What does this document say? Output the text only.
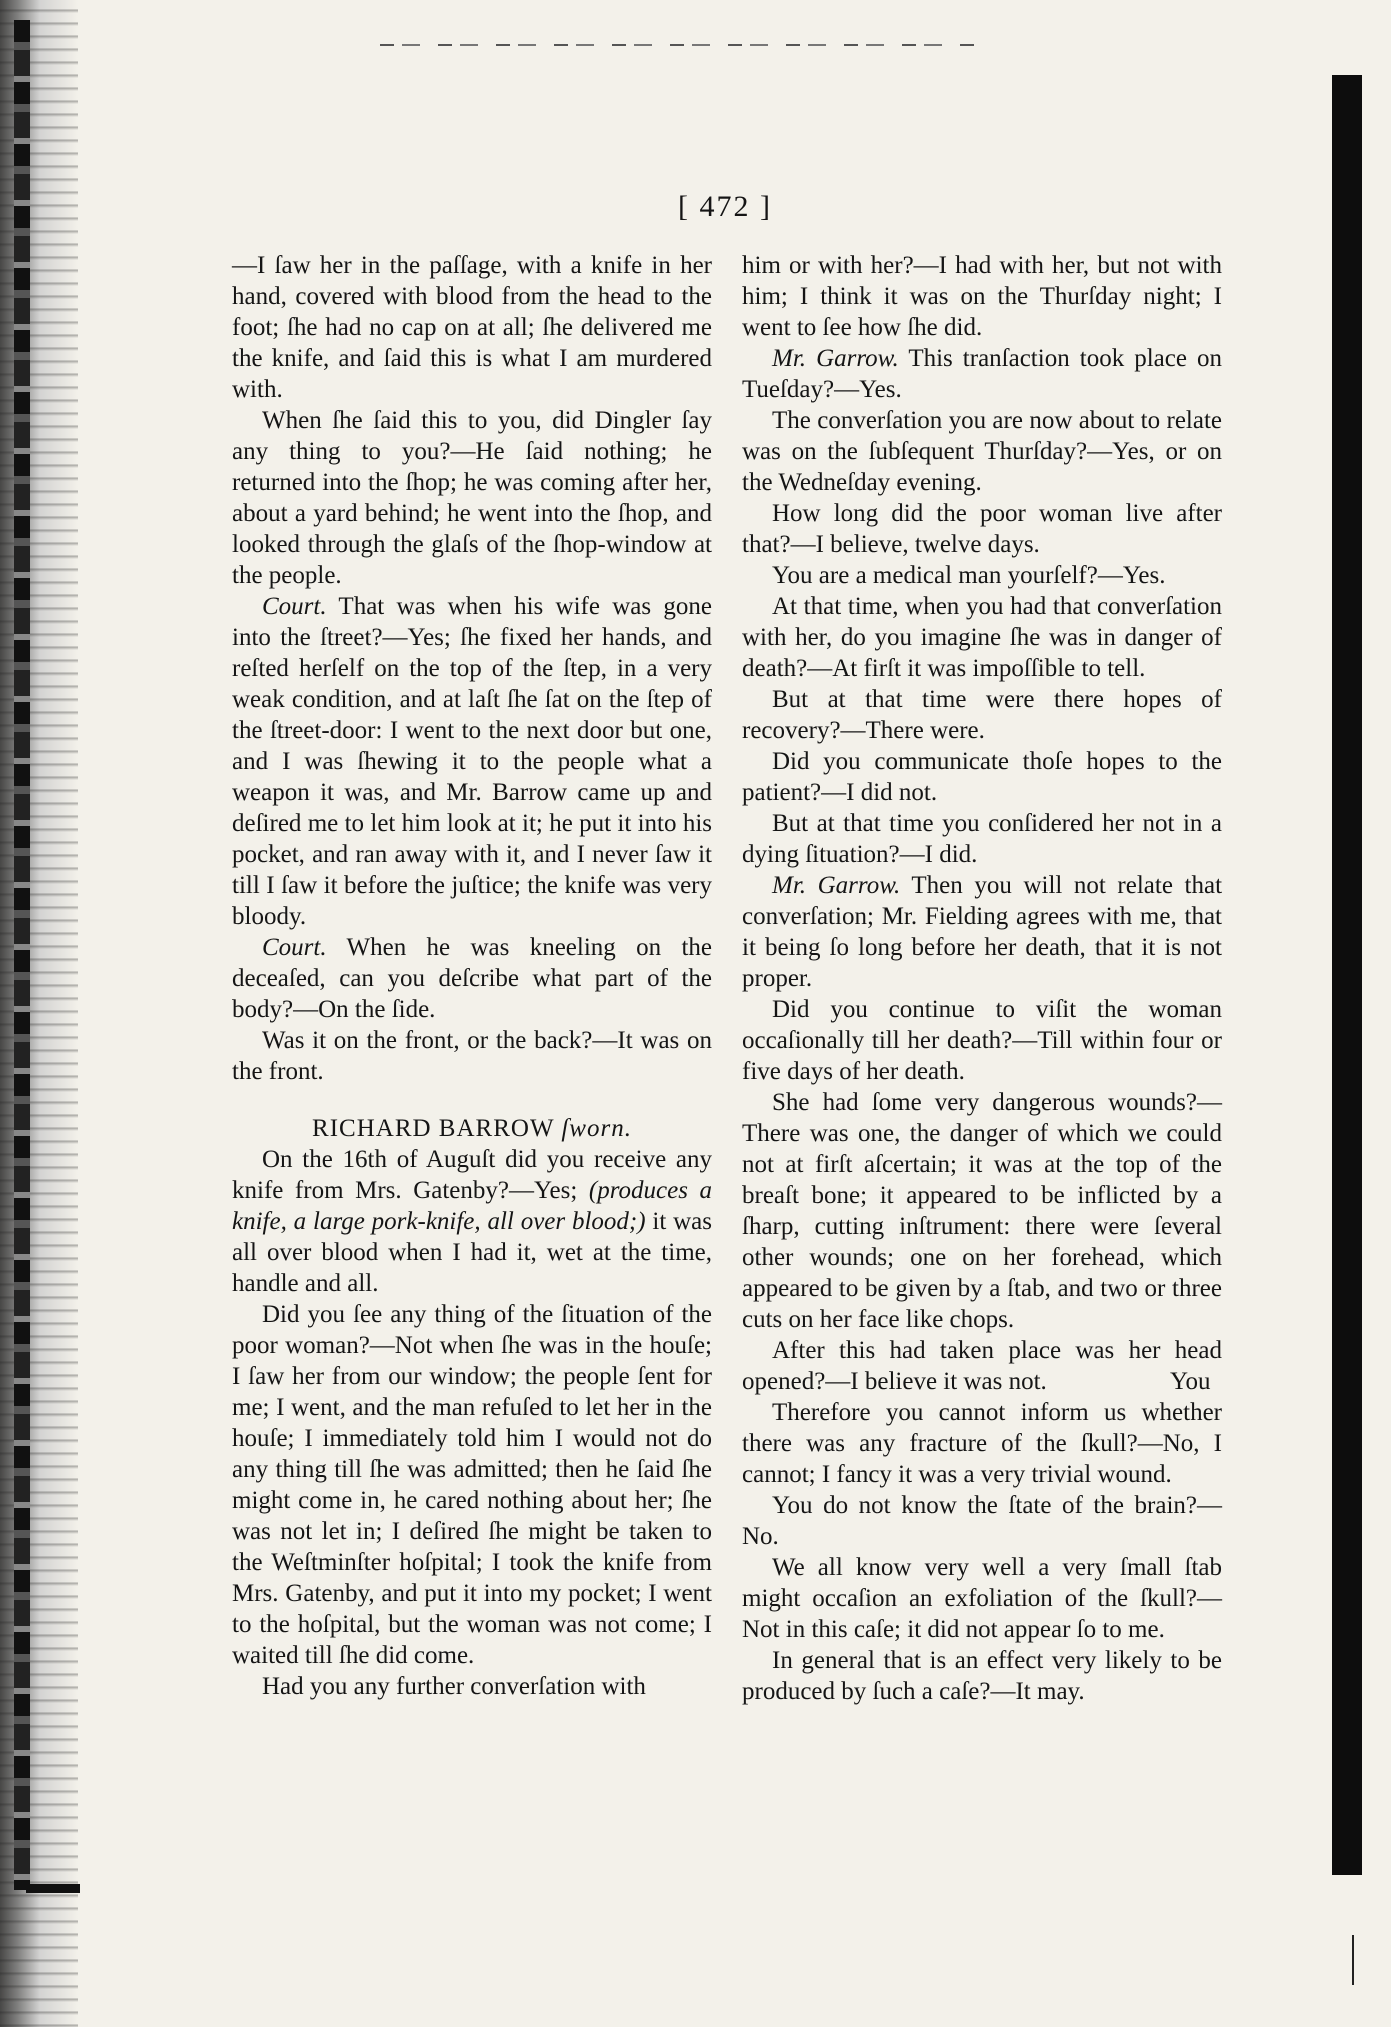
[ 472 ]

—I ſaw her in the paſſage, with a knife in her hand, covered with blood from the head to the foot; ſhe had no cap on at all; ſhe delivered me the knife, and ſaid this is what I am murdered with.

When ſhe ſaid this to you, did Dingler ſay any thing to you?—He ſaid nothing; he returned into the ſhop; he was coming after her, about a yard behind; he went into the ſhop, and looked through the glaſs of the ſhop-window at the people.

Court. That was when his wife was gone into the ſtreet?—Yes; ſhe fixed her hands, and reſted herſelf on the top of the ſtep, in a very weak condition, and at laſt ſhe ſat on the ſtep of the ſtreet-door: I went to the next door but one, and I was ſhewing it to the people what a weapon it was, and Mr. Barrow came up and deſired me to let him look at it; he put it into his pocket, and ran away with it, and I never ſaw it till I ſaw it before the juſtice; the knife was very bloody.

Court. When he was kneeling on the deceaſed, can you deſcribe what part of the body?—On the ſide.

Was it on the front, or the back?—It was on the front.

RICHARD BARROW ſworn.

On the 16th of Auguſt did you receive any knife from Mrs. Gatenby?—Yes; (produces a knife, a large pork-knife, all over blood;) it was all over blood when I had it, wet at the time, handle and all.

Did you ſee any thing of the ſituation of the poor woman?—Not when ſhe was in the houſe; I ſaw her from our window; the people ſent for me; I went, and the man refuſed to let her in the houſe; I immediately told him I would not do any thing till ſhe was admitted; then he ſaid ſhe might come in, he cared nothing about her; ſhe was not let in; I deſired ſhe might be taken to the Weſtminſter hoſpital; I took the knife from Mrs. Gatenby, and put it into my pocket; I went to the hoſpital, but the woman was not come; I waited till ſhe did come.

Had you any further converſation with

him or with her?—I had with her, but not with him; I think it was on the Thurſday night; I went to ſee how ſhe did.

Mr. Garrow. This tranſaction took place on Tueſday?—Yes.

The converſation you are now about to relate was on the ſubſequent Thurſday?—Yes, or on the Wedneſday evening.

How long did the poor woman live after that?—I believe, twelve days.

You are a medical man yourſelf?—Yes.

At that time, when you had that converſation with her, do you imagine ſhe was in danger of death?—At firſt it was impoſſible to tell.

But at that time were there hopes of recovery?—There were.

Did you communicate thoſe hopes to the patient?—I did not.

But at that time you conſidered her not in a dying ſituation?—I did.

Mr. Garrow. Then you will not relate that converſation; Mr. Fielding agrees with me, that it being ſo long before her death, that it is not proper.

Did you continue to viſit the woman occaſionally till her death?—Till within four or five days of her death.

She had ſome very dangerous wounds?—There was one, the danger of which we could not at firſt aſcertain; it was at the top of the breaſt bone; it appeared to be inflicted by a ſharp, cutting inſtrument: there were ſeveral other wounds; one on her forehead, which appeared to be given by a ſtab, and two or three cuts on her face like chops.

After this had taken place was her head opened?—I believe it was not.

Therefore you cannot inform us whether there was any fracture of the ſkull?—No, I cannot; I fancy it was a very trivial wound.

You do not know the ſtate of the brain?—No.

We all know very well a very ſmall ſtab might occaſion an exfoliation of the ſkull?—Not in this caſe; it did not appear ſo to me.

In general that is an effect very likely to be produced by ſuch a caſe?—It may.

You
